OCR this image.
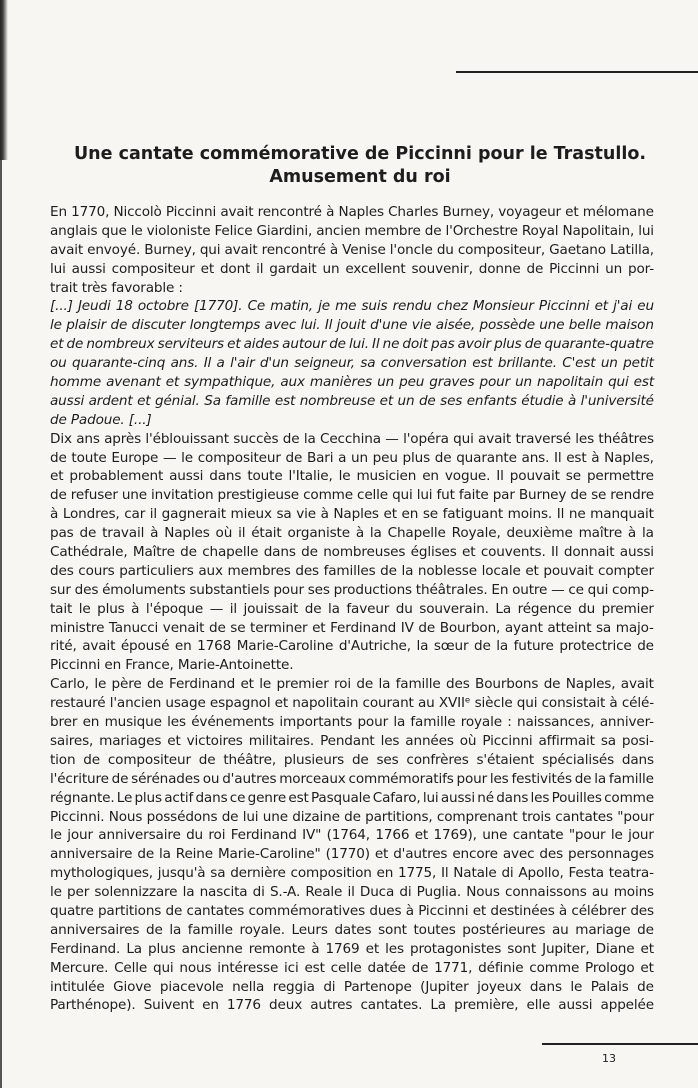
Une cantate commémorative de Piccinni pour le Trastullo.
Amusement du roi
En 1770, Niccolò Piccinni avait rencontré à Naples Charles Burney, voyageur et mélomane
anglais que le violoniste Felice Giardini, ancien membre de l'Orchestre Royal Napolitain, lui
avait envoyé. Burney, qui avait rencontré à Venise l'oncle du compositeur, Gaetano Latilla,
lui aussi compositeur et dont il gardait un excellent souvenir, donne de Piccinni un por-
trait très favorable :
[...] Jeudi 18 octobre [1770]. Ce matin, je me suis rendu chez Monsieur Piccinni et j'ai eu
le plaisir de discuter longtemps avec lui. Il jouit d'une vie aisée, possède une belle maison
et de nombreux serviteurs et aides autour de lui. Il ne doit pas avoir plus de quarante-quatre
ou quarante-cinq ans. Il a l'air d'un seigneur, sa conversation est brillante. C'est un petit
homme avenant et sympathique, aux manières un peu graves pour un napolitain qui est
aussi ardent et génial. Sa famille est nombreuse et un de ses enfants étudie à l'université
de Padoue. [...]
Dix ans après l'éblouissant succès de la Cecchina — l'opéra qui avait traversé les théâtres
de toute Europe — le compositeur de Bari a un peu plus de quarante ans. Il est à Naples,
et probablement aussi dans toute l'Italie, le musicien en vogue. Il pouvait se permettre
de refuser une invitation prestigieuse comme celle qui lui fut faite par Burney de se rendre
à Londres, car il gagnerait mieux sa vie à Naples et en se fatiguant moins. Il ne manquait
pas de travail à Naples où il était organiste à la Chapelle Royale, deuxième maître à la
Cathédrale, Maître de chapelle dans de nombreuses églises et couvents. Il donnait aussi
des cours particuliers aux membres des familles de la noblesse locale et pouvait compter
sur des émoluments substantiels pour ses productions théâtrales. En outre — ce qui comp-
tait le plus à l'époque — il jouissait de la faveur du souverain. La régence du premier
ministre Tanucci venait de se terminer et Ferdinand IV de Bourbon, ayant atteint sa majo-
rité, avait épousé en 1768 Marie-Caroline d'Autriche, la sœur de la future protectrice de
Piccinni en France, Marie-Antoinette.
Carlo, le père de Ferdinand et le premier roi de la famille des Bourbons de Naples, avait
restauré l'ancien usage espagnol et napolitain courant au XVIIᵉ siècle qui consistait à célé-
brer en musique les événements importants pour la famille royale : naissances, anniver-
saires, mariages et victoires militaires. Pendant les années où Piccinni affirmait sa posi-
tion de compositeur de théâtre, plusieurs de ses confrères s'étaient spécialisés dans
l'écriture de sérénades ou d'autres morceaux commémoratifs pour les festivités de la famille
régnante. Le plus actif dans ce genre est Pasquale Cafaro, lui aussi né dans les Pouilles comme
Piccinni. Nous possédons de lui une dizaine de partitions, comprenant trois cantates "pour
le jour anniversaire du roi Ferdinand IV" (1764, 1766 et 1769), une cantate "pour le jour
anniversaire de la Reine Marie-Caroline" (1770) et d'autres encore avec des personnages
mythologiques, jusqu'à sa dernière composition en 1775, Il Natale di Apollo, Festa teatra-
le per solennizzare la nascita di S.-A. Reale il Duca di Puglia. Nous connaissons au moins
quatre partitions de cantates commémoratives dues à Piccinni et destinées à célébrer des
anniversaires de la famille royale. Leurs dates sont toutes postérieures au mariage de
Ferdinand. La plus ancienne remonte à 1769 et les protagonistes sont Jupiter, Diane et
Mercure. Celle qui nous intéresse ici est celle datée de 1771, définie comme Prologo et
intitulée Giove piacevole nella reggia di Partenope (Jupiter joyeux dans le Palais de
Parthénope). Suivent en 1776 deux autres cantates. La première, elle aussi appelée
13
